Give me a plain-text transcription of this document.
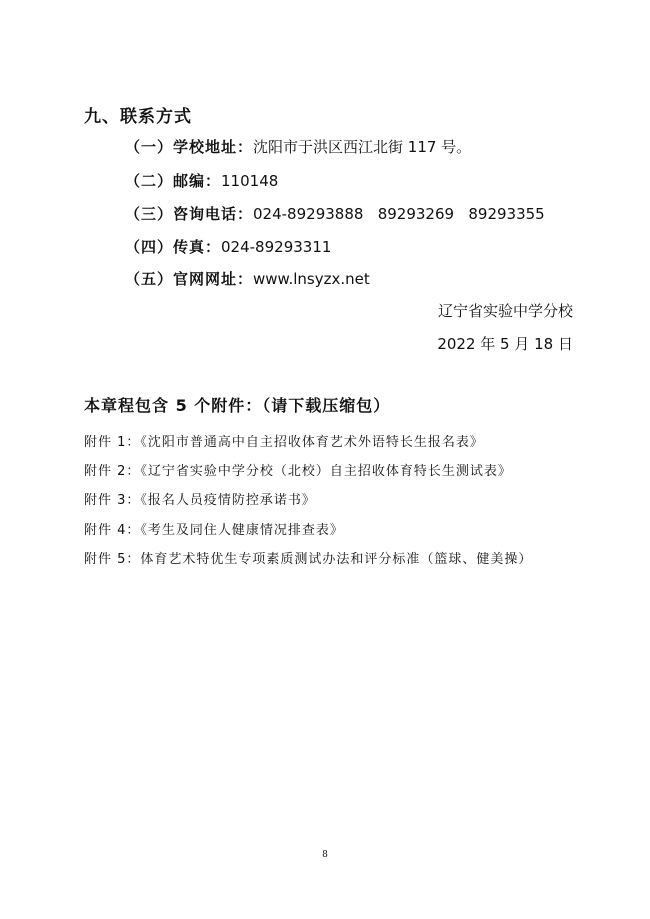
九、联系方式
（一）学校地址：沈阳市于洪区西江北街 117 号。
（二）邮编：110148
（三）咨询电话：024-89293888   89293269   89293355
（四）传真：024-89293311
（五）官网网址：www.lnsyzx.net
辽宁省实验中学分校
2022 年 5 月 18 日
本章程包含 5 个附件：（请下载压缩包）
附件 1：《沈阳市普通高中自主招收体育艺术外语特长生报名表》
附件 2：《辽宁省实验中学分校（北校）自主招收体育特长生测试表》
附件 3：《报名人员疫情防控承诺书》
附件 4：《考生及同住人健康情况排查表》
附件 5：体育艺术特优生专项素质测试办法和评分标准（篮球、健美操）
8
